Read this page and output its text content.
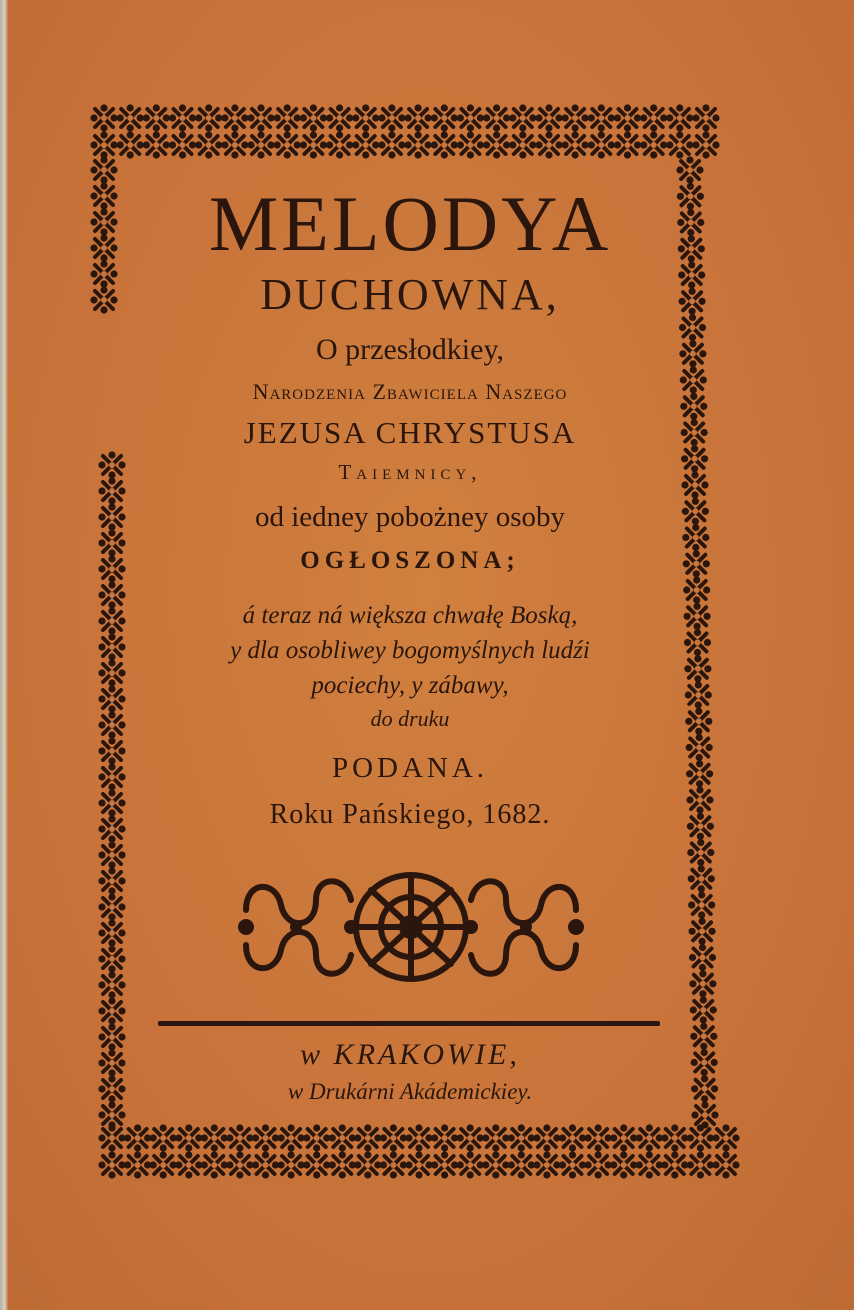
MELODYA
DUCHOWNA,
O przesłodkiey,
Narodzenia Zbawiciela Naszego
JEZUSA CHRYSTUSA
Taiemnicy,
od iedney pobożney osoby
OGŁOSZONA;
á teraz ná większa chwałę Boską,
y dla osobliwey bogomyślnych ludźi
pociechy, y zábawy,
do druku
PODANA.
Roku Pańskiego, 1682.
w KRAKOWIE,
w Drukárni Akádemickiey.
